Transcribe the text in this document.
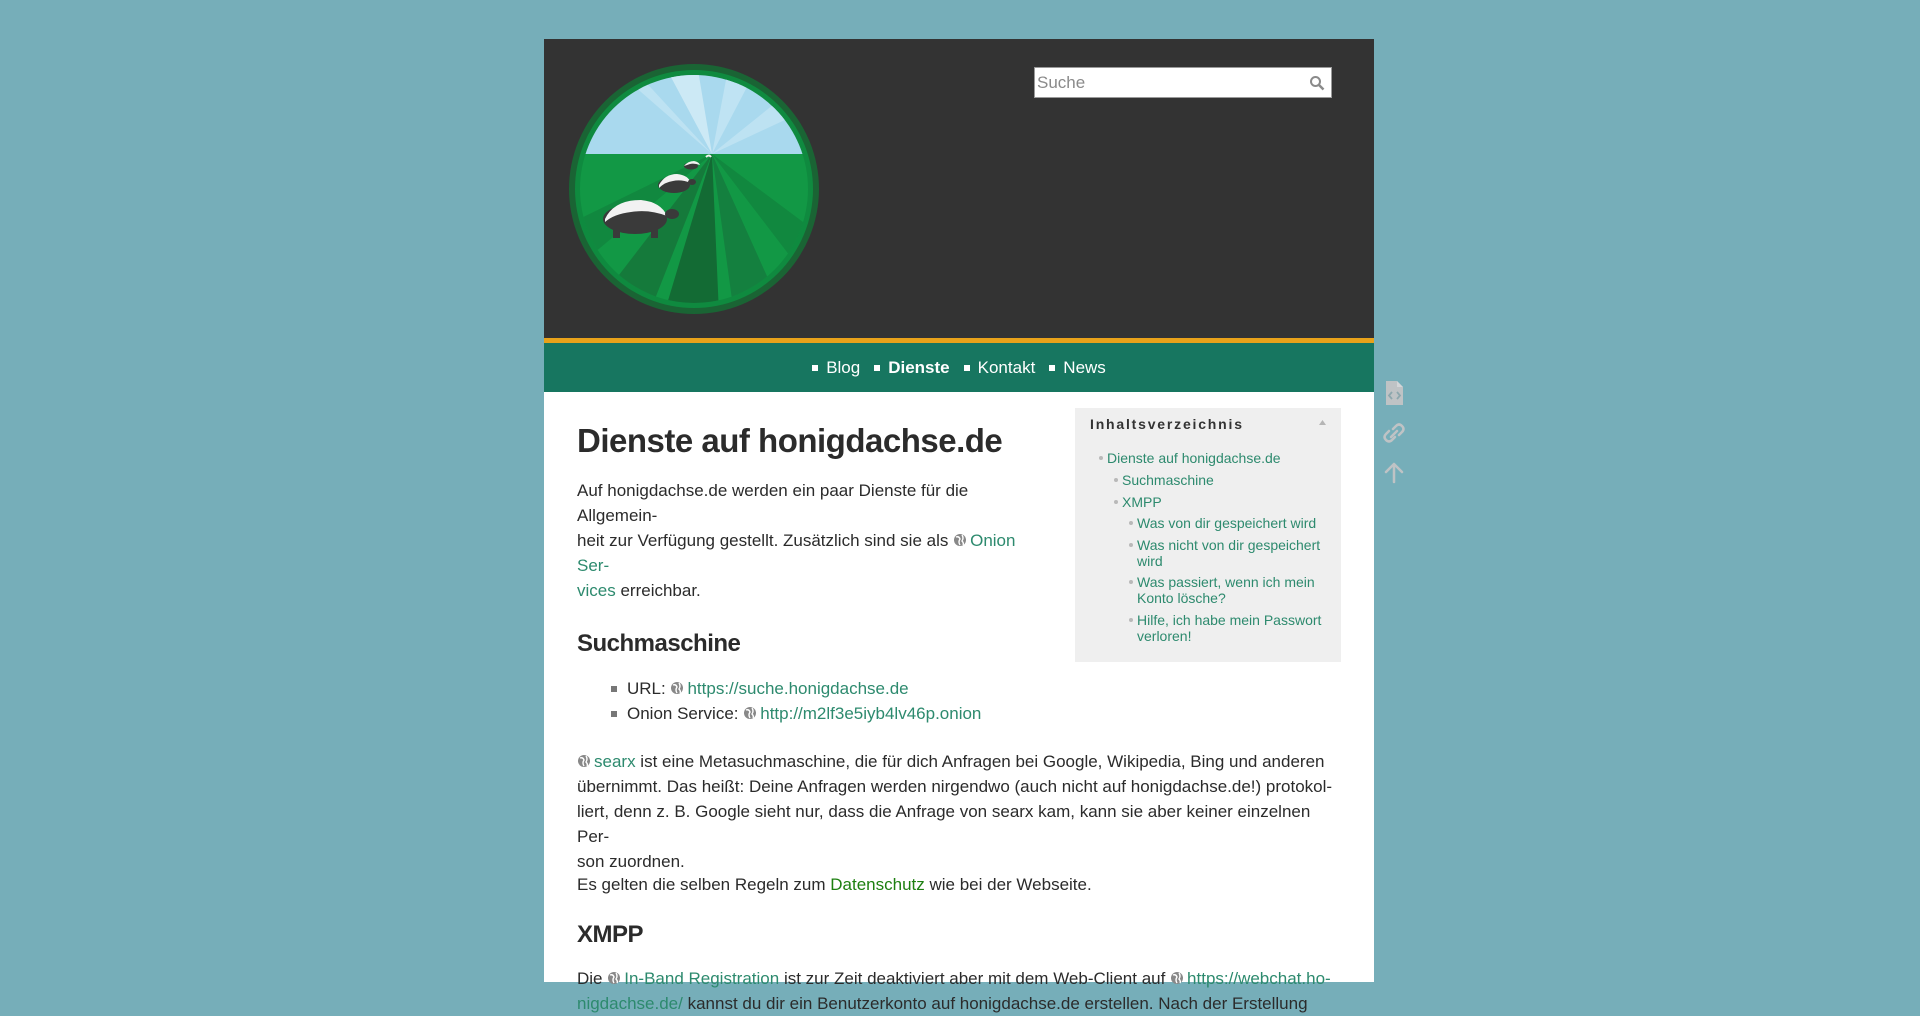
Suche
Blog Dienste Kontakt News
Dienste auf honigdachse.de
Auf honigdachse.de werden ein paar Dienste für die Allgemein-
heit zur Verfügung gestellt. Zusätzlich sind sie als Onion Ser-
vices erreichbar.
Suchmaschine
URL: https://suche.honigdachse.de
Onion Service: http://m2lf3e5iyb4lv46p.onion
searx ist eine Metasuchmaschine, die für dich Anfragen bei Google, Wikipedia, Bing und anderen
übernimmt. Das heißt: Deine Anfragen werden nirgendwo (auch nicht auf honigdachse.de!) protokol-
liert, denn z. B. Google sieht nur, dass die Anfrage von searx kam, kann sie aber keiner einzelnen Per-
son zuordnen.
Es gelten die selben Regeln zum Datenschutz wie bei der Webseite.
XMPP
Die In-Band Registration ist zur Zeit deaktiviert aber mit dem Web-Client auf https://webchat.ho-
nigdachse.de/ kannst du dir ein Benutzerkonto auf honigdachse.de erstellen. Nach der Erstellung
Inhaltsverzeichnis
Dienste auf honigdachse.de
Suchmaschine
XMPP
Was von dir gespeichert wird
Was nicht von dir gespeichert wird
Was passiert, wenn ich mein Konto lösche?
Hilfe, ich habe mein Passwort verloren!
